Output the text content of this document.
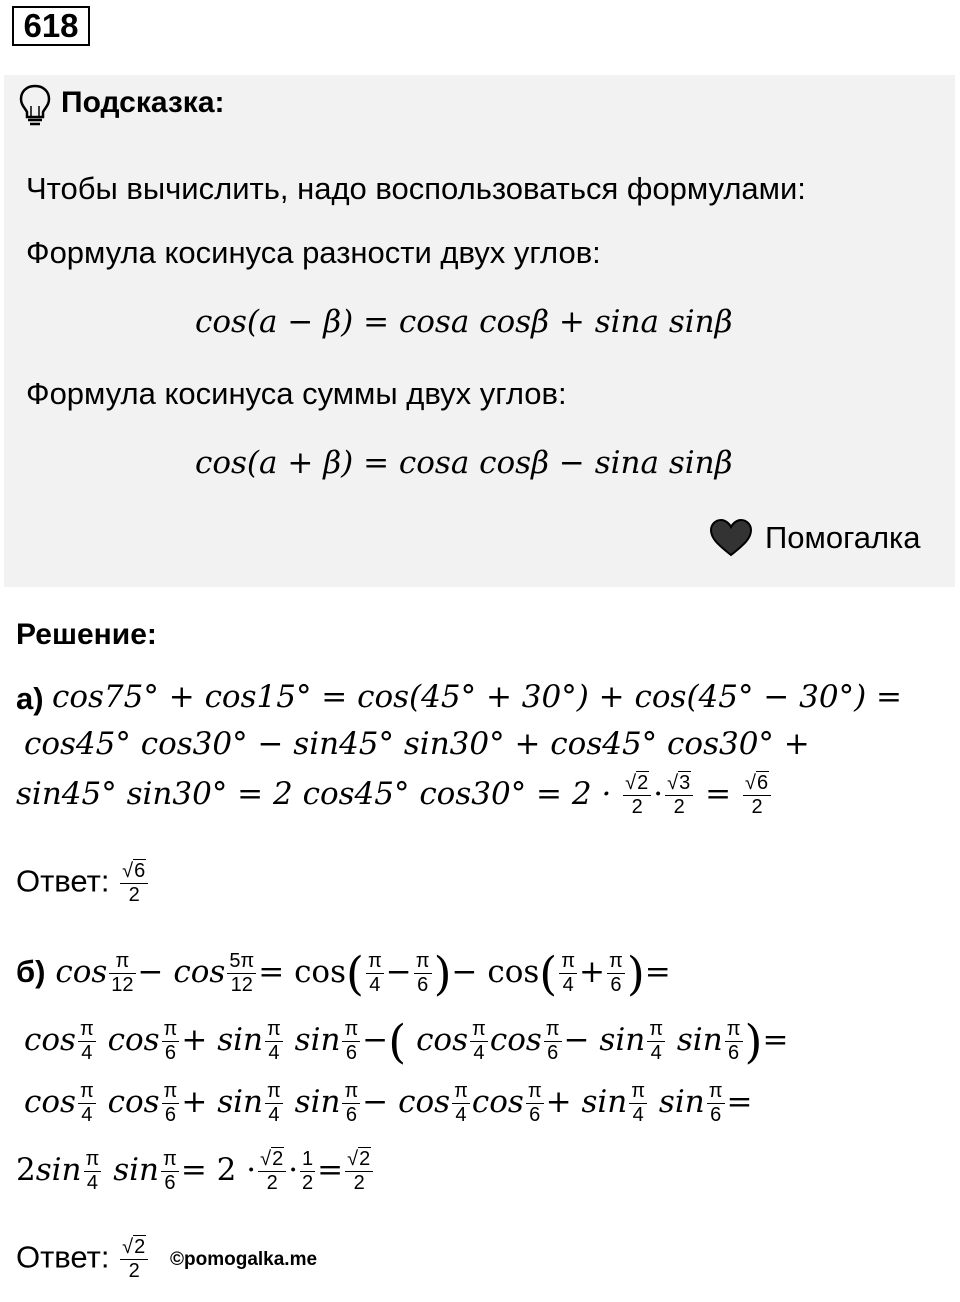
618
Подсказка:
Чтобы вычислить, надо воспользоваться формулами:
Формула косинуса разности двух углов:
cos(a − β) = cosa cosβ + sina sinβ
Формула косинуса суммы двух углов:
cos(a + β) = cosa cosβ − sina sinβ
Помогалка
Решение:
а) cos75° + cos15° = cos(45° + 30°) + cos(45° − 30°) =
cos45° cos30° − sin45° sin30° + cos45° cos30° +
sin45° sin30° = 2 cos45° $\cos 30^\circ = 2 \cdot \frac{√2}{2} \cdot \frac{√3}{2} = \frac{√6}{2}$
Ответ: $\frac{√6}{2}$
б) $\cos \frac{\pi}{12} - \cos \frac{5\pi}{12} = \cos( \frac{\pi}{4} - \frac{\pi}{6}$ )− $\cos( \frac{\pi}{4} + \frac{\pi}{6}$ )=
$\cos \frac{\pi}{4}$ $\cos \frac{\pi}{6} + \sin \frac{\pi}{4}$ $\sin \frac{\pi}{6}$ −( $\cos \frac{\pi}{4}$ $\cos \frac{\pi}{6} - \sin \frac{\pi}{4}$ $\sin \frac{\pi}{6}$ )=
$\cos \frac{\pi}{4}$ $\cos \frac{\pi}{6} + \sin \frac{\pi}{4}$ $\sin \frac{\pi}{6} - \cos \frac{\pi}{4}$ $\cos \frac{\pi}{6} + \sin \frac{\pi}{4}$ $\sin \frac{\pi}{6}$ =
$2\sin \frac{\pi}{4}$ $\sin \frac{\pi}{6} = 2 \cdot \frac{√2}{2} \cdot \frac{1}{2} = \frac{√2}{2}$
Ответ: $\frac{√2}{2}$ ©pomogalka.me
